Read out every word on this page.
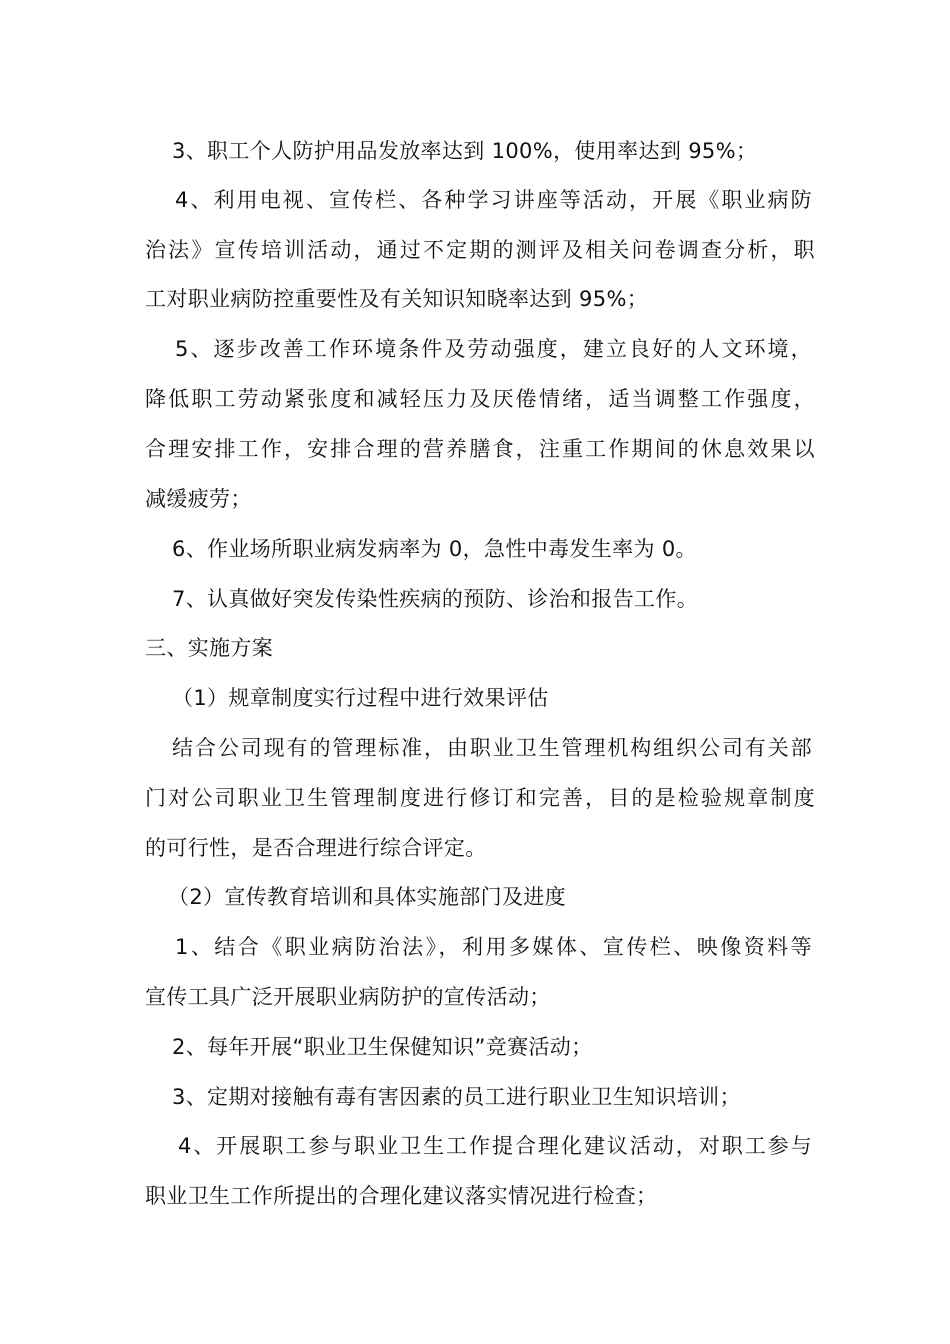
3、职工个人防护用品发放率达到 100%，使用率达到 95%；
4、利用电视、宣传栏、各种学习讲座等活动，开展《职业病防
治法》宣传培训活动，通过不定期的测评及相关问卷调查分析，职
工对职业病防控重要性及有关知识知晓率达到 95%；
5、逐步改善工作环境条件及劳动强度，建立良好的人文环境，
降低职工劳动紧张度和减轻压力及厌倦情绪，适当调整工作强度，
合理安排工作，安排合理的营养膳食，注重工作期间的休息效果以
减缓疲劳；
6、作业场所职业病发病率为 0，急性中毒发生率为 0。
7、认真做好突发传染性疾病的预防、诊治和报告工作。
三、实施方案
（1）规章制度实行过程中进行效果评估
结合公司现有的管理标准，由职业卫生管理机构组织公司有关部
门对公司职业卫生管理制度进行修订和完善，目的是检验规章制度
的可行性，是否合理进行综合评定。
（2）宣传教育培训和具体实施部门及进度
1、结合《职业病防治法》，利用多媒体、宣传栏、映像资料等
宣传工具广泛开展职业病防护的宣传活动；
2、每年开展“职业卫生保健知识”竞赛活动；
3、定期对接触有毒有害因素的员工进行职业卫生知识培训；
4、开展职工参与职业卫生工作提合理化建议活动，对职工参与
职业卫生工作所提出的合理化建议落实情况进行检查；
